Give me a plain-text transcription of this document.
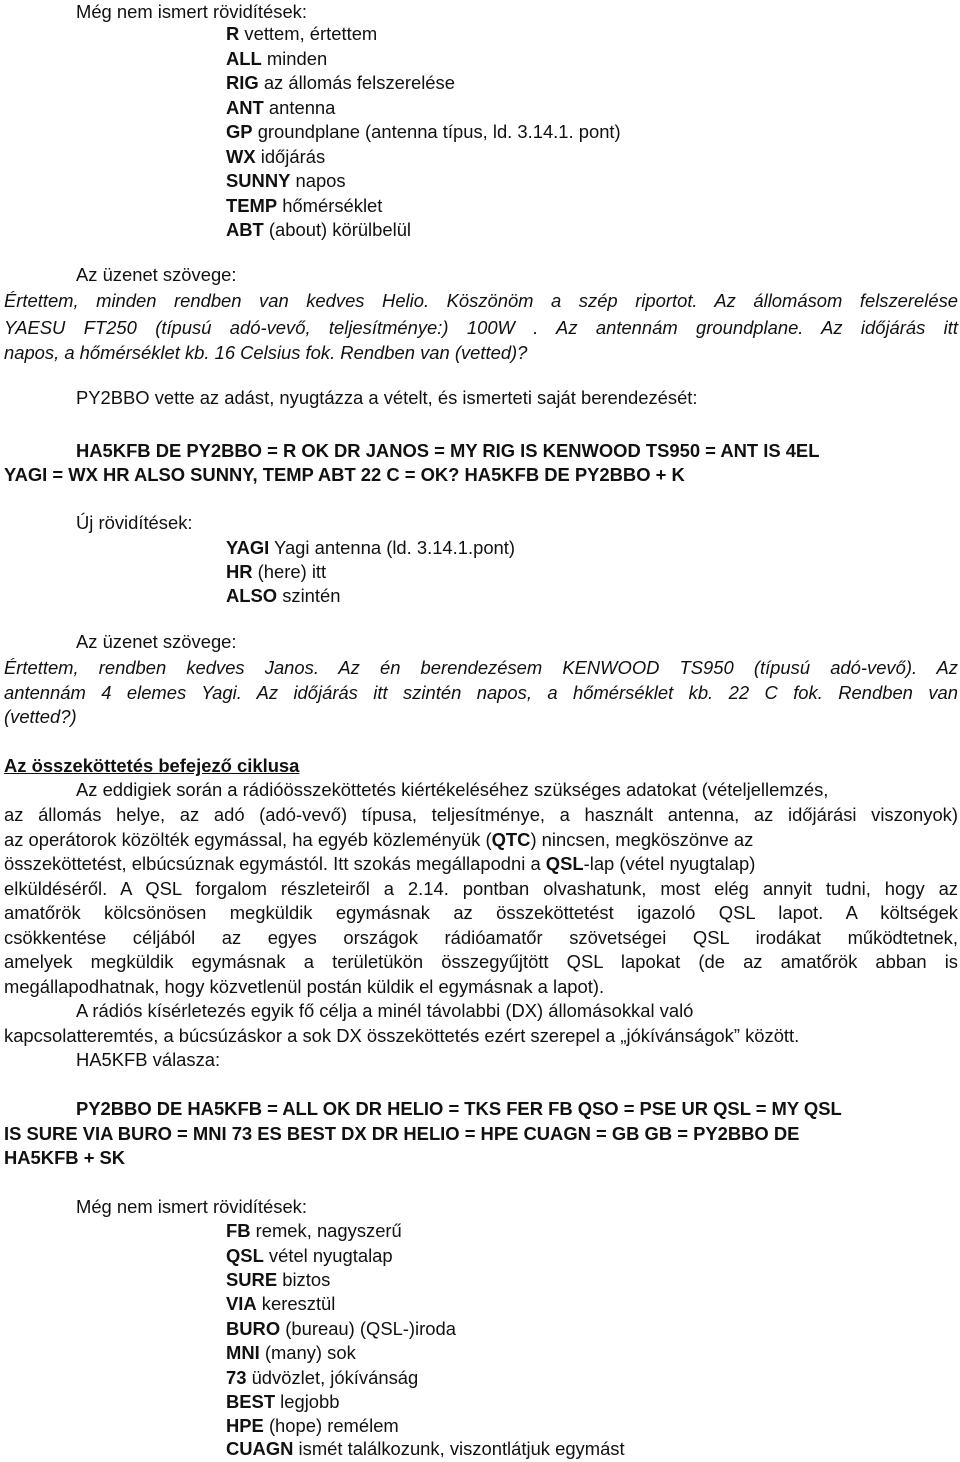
Még nem ismert rövidítések:

R vettem, értettem

ALL minden

RIG az állomás felszerelése

ANT antenna

GP groundplane (antenna típus, ld. 3.14.1. pont)

WX időjárás

SUNNY napos

TEMP hőmérséklet

ABT (about) körülbelül

Az üzenet szövege:

Értettem, minden rendben van kedves Helio. Köszönöm a szép riportot. Az állomásom felszerelése

YAESU FT250 (típusú adó-vevő, teljesítménye:) 100W . Az antennám groundplane. Az időjárás itt

napos, a hőmérséklet kb. 16 Celsius fok. Rendben van (vetted)?

PY2BBO vette az adást, nyugtázza a vételt, és ismerteti saját berendezését:

HA5KFB DE PY2BBO = R OK DR JANOS = MY RIG IS KENWOOD TS950 = ANT IS 4EL

YAGI = WX HR ALSO SUNNY, TEMP ABT 22 C = OK? HA5KFB DE PY2BBO + K

Új rövidítések:

YAGI Yagi antenna (ld. 3.14.1.pont)

HR (here) itt

ALSO szintén

Az üzenet szövege:

Értettem, rendben kedves Janos. Az én berendezésem KENWOOD TS950 (típusú adó-vevő). Az

antennám 4 elemes Yagi. Az időjárás itt szintén napos, a hőmérséklet kb. 22 C fok. Rendben van

(vetted?)

Az összeköttetés befejező ciklusa

Az eddigiek során a rádióösszeköttetés kiértékeléséhez szükséges adatokat (vételjellemzés,

az állomás helye, az adó (adó-vevő) típusa, teljesítménye, a használt antenna, az időjárási viszonyok)

az operátorok közölték egymással, ha egyéb közleményük (QTC) nincsen, megköszönve az

összeköttetést, elbúcsúznak egymástól. Itt szokás megállapodni a QSL-lap (vétel nyugtalap)

elküldéséről. A QSL forgalom részleteiről a 2.14. pontban olvashatunk, most elég annyit tudni, hogy az

amatőrök kölcsönösen megküldik egymásnak az összeköttetést igazoló QSL lapot. A költségek

csökkentése céljából az egyes országok rádióamatőr szövetségei QSL irodákat működtetnek,

amelyek megküldik egymásnak a területükön összegyűjtött QSL lapokat (de az amatőrök abban is

megállapodhatnak, hogy közvetlenül postán küldik el egymásnak a lapot).

A rádiós kísérletezés egyik fő célja a minél távolabbi (DX) állomásokkal való

kapcsolatteremtés, a búcsúzáskor a sok DX összeköttetés ezért szerepel a „jókívánságok” között.

HA5KFB válasza:

PY2BBO DE HA5KFB = ALL OK DR HELIO = TKS FER FB QSO = PSE UR QSL = MY QSL

IS SURE VIA BURO = MNI 73 ES BEST DX DR HELIO = HPE CUAGN = GB GB = PY2BBO DE

HA5KFB + SK

Még nem ismert rövidítések:

FB remek, nagyszerű

QSL vétel nyugtalap

SURE biztos

VIA keresztül

BURO (bureau) (QSL-)iroda

MNI (many) sok

73 üdvözlet, jókívánság

BEST legjobb

HPE (hope) remélem

CUAGN ismét találkozunk, viszontlátjuk egymást
